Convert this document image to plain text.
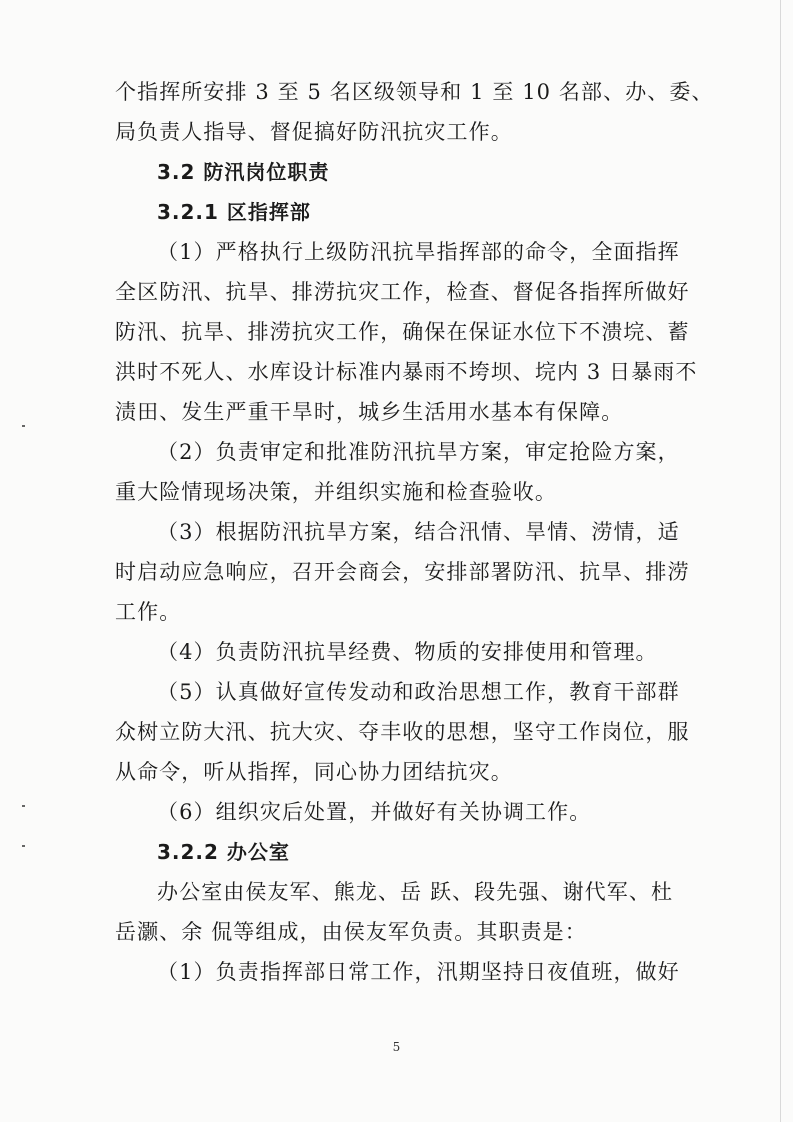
个指挥所安排 3 至 5 名区级领导和 1 至 10 名部、办、委、
局负责人指导、督促搞好防汛抗灾工作。
3.2 防汛岗位职责
3.2.1 区指挥部
（1）严格执行上级防汛抗旱指挥部的命令，全面指挥
全区防汛、抗旱、排涝抗灾工作，检查、督促各指挥所做好
防汛、抗旱、排涝抗灾工作，确保在保证水位下不溃垸、蓄
洪时不死人、水库设计标准内暴雨不垮坝、垸内 3 日暴雨不
渍田、发生严重干旱时，城乡生活用水基本有保障。
（2）负责审定和批准防汛抗旱方案，审定抢险方案，
重大险情现场决策，并组织实施和检查验收。
（3）根据防汛抗旱方案，结合汛情、旱情、涝情，适
时启动应急响应，召开会商会，安排部署防汛、抗旱、排涝
工作。
（4）负责防汛抗旱经费、物质的安排使用和管理。
（5）认真做好宣传发动和政治思想工作，教育干部群
众树立防大汛、抗大灾、夺丰收的思想，坚守工作岗位，服
从命令，听从指挥，同心协力团结抗灾。
（6）组织灾后处置，并做好有关协调工作。
3.2.2 办公室
办公室由侯友军、熊龙、岳 跃、段先强、谢代军、杜
岳灏、余 侃等组成，由侯友军负责。其职责是：
（1）负责指挥部日常工作，汛期坚持日夜值班，做好
5
